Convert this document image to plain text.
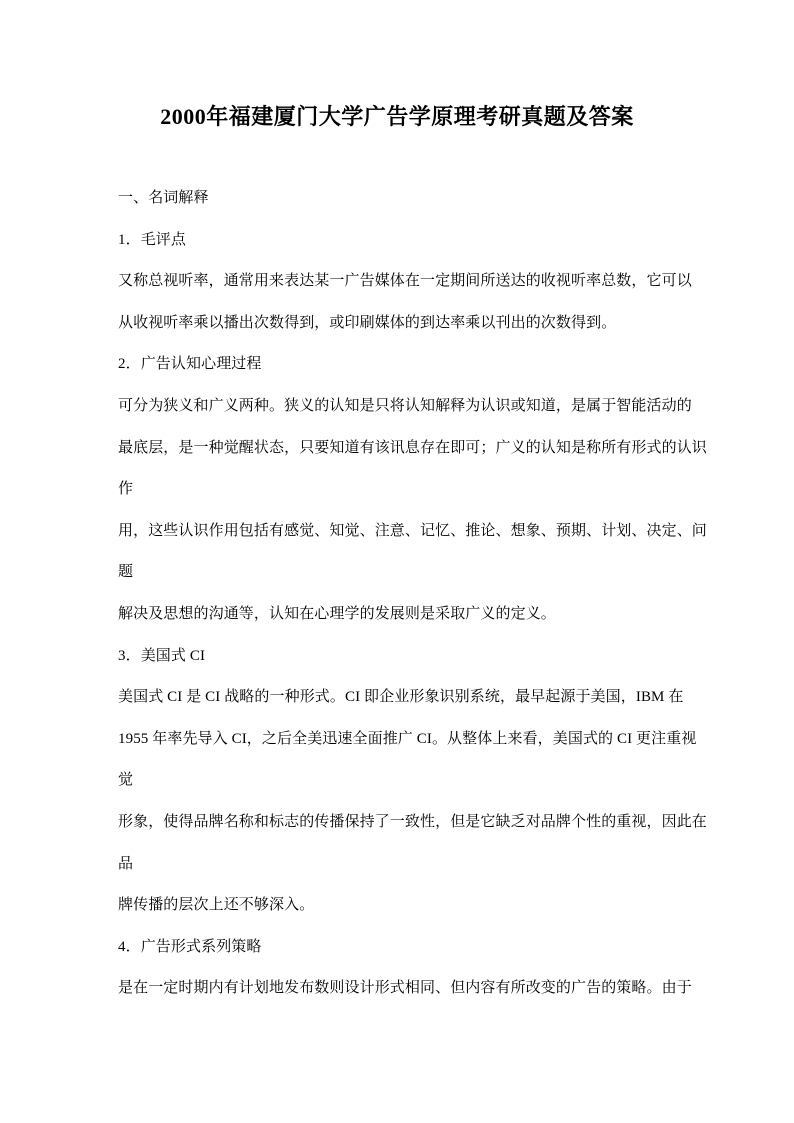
2000年福建厦门大学广告学原理考研真题及答案

一、名词解释

1．毛评点

又称总视听率，通常用来表达某一广告媒体在一定期间所送达的收视听率总数，它可以

从收视听率乘以播出次数得到，或印刷媒体的到达率乘以刊出的次数得到。

2．广告认知心理过程

可分为狭义和广义两种。狭义的认知是只将认知解释为认识或知道，是属于智能活动的

最底层，是一种觉醒状态，只要知道有该讯息存在即可；广义的认知是称所有形式的认识

作

用，这些认识作用包括有感觉、知觉、注意、记忆、推论、想象、预期、计划、决定、问

题

解决及思想的沟通等，认知在心理学的发展则是采取广义的定义。

3．美国式 CI

美国式 CI 是 CI 战略的一种形式。CI 即企业形象识别系统，最早起源于美国，IBM 在

1955 年率先导入 CI，之后全美迅速全面推广 CI。从整体上来看，美国式的 CI 更注重视

觉

形象，使得品牌名称和标志的传播保持了一致性，但是它缺乏对品牌个性的重视，因此在

品

牌传播的层次上还不够深入。

4．广告形式系列策略

是在一定时期内有计划地发布数则设计形式相同、但内容有所改变的广告的策略。由于
